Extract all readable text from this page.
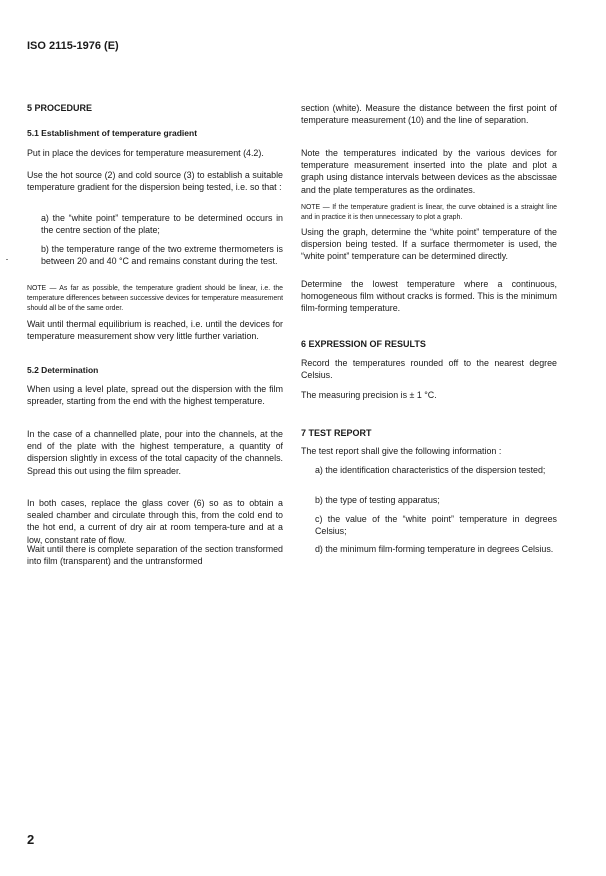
ISO 2115-1976 (E)

5 PROCEDURE

5.1 Establishment of temperature gradient

Put in place the devices for temperature measurement (4.2).

Use the hot source (2) and cold source (3) to establish a suitable temperature gradient for the dispersion being tested, i.e. so that :

a) the “white point” temperature to be determined occurs in the centre section of the plate;

b) the temperature range of the two extreme thermometers is between 20 and 40 °C and remains constant during the test.

NOTE — As far as possible, the temperature gradient should be linear, i.e. the temperature differences between successive devices for temperature measurement should all be of the same order.

Wait until thermal equilibrium is reached, i.e. until the devices for temperature measurement show very little further variation.

5.2 Determination

When using a level plate, spread out the dispersion with the film spreader, starting from the end with the highest temperature.

In the case of a channelled plate, pour into the channels, at the end of the plate with the highest temperature, a quantity of dispersion slightly in excess of the total capacity of the channels. Spread this out using the film spreader.

In both cases, replace the glass cover (6) so as to obtain a sealed chamber and circulate through this, from the cold end to the hot end, a current of dry air at room tempera-ture and at a low, constant rate of flow.

Wait until there is complete separation of the section transformed into film (transparent) and the untransformed

section (white). Measure the distance between the first point of temperature measurement (10) and the line of separation.

Note the temperatures indicated by the various devices for temperature measurement inserted into the plate and plot a graph using distance intervals between devices as the abscissae and the plate temperatures as the ordinates.

NOTE — If the temperature gradient is linear, the curve obtained is a straight line and in practice it is then unnecessary to plot a graph.

Using the graph, determine the “white point” temperature of the dispersion being tested. If a surface thermometer is used, the “white point” temperature can be determined directly.

Determine the lowest temperature where a continuous, homogeneous film without cracks is formed. This is the minimum film-forming temperature.

6 EXPRESSION OF RESULTS

Record the temperatures rounded off to the nearest degree Celsius.

The measuring precision is ± 1 °C.

7 TEST REPORT

The test report shall give the following information :

a) the identification characteristics of the dispersion tested;

b) the type of testing apparatus;

c) the value of the “white point” temperature in degrees Celsius;

d) the minimum film-forming temperature in degrees Celsius.

2
